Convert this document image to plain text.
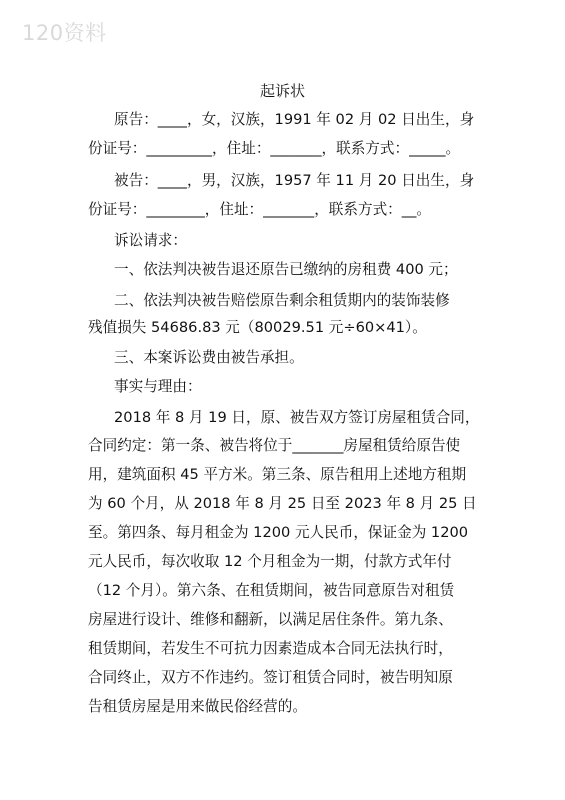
120资料
起诉状
原告：____，女，汉族，1991 年 02 月 02 日出生，身
份证号：_________，住址：_______，联系方式：_____。
被告：____，男，汉族，1957 年 11 月 20 日出生，身
份证号：________，住址：_______，联系方式：__。
诉讼请求：
一、依法判决被告退还原告已缴纳的房租费 400 元；
二、依法判决被告赔偿原告剩余租赁期内的装饰装修
残值损失 54686.83 元（80029.51 元÷60×41）。
三、本案诉讼费由被告承担。
事实与理由：
2018 年 8 月 19 日，原、被告双方签订房屋租赁合同，
合同约定：第一条、被告将位于_______房屋租赁给原告使
用，建筑面积 45 平方米。第三条、原告租用上述地方租期
为 60 个月，从 2018 年 8 月 25 日至 2023 年 8 月 25 日
至。第四条、每月租金为 1200 元人民币，保证金为 1200
元人民币，每次收取 12 个月租金为一期，付款方式年付
（12 个月）。第六条、在租赁期间，被告同意原告对租赁
房屋进行设计、维修和翻新，以满足居住条件。第九条、
租赁期间，若发生不可抗力因素造成本合同无法执行时，
合同终止，双方不作违约。签订租赁合同时，被告明知原
告租赁房屋是用来做民俗经营的。
